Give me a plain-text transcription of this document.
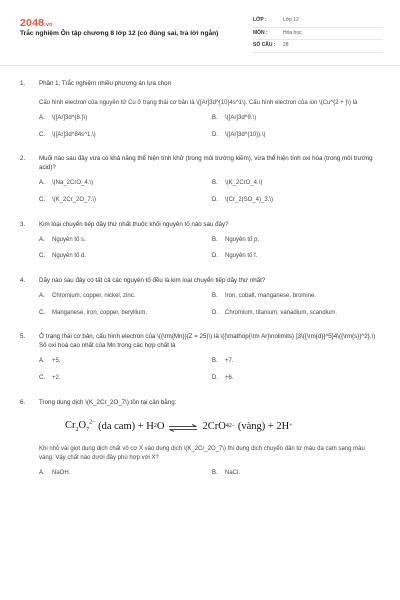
2048.vn
Trắc nghiệm Ôn tập chương 8 lớp 12 (có đúng sai, trả lời ngắn)
LỚP :	Lớp 12
MÔN :	Hóa học
SỐ CÂU :	28
1.	Phần 1. Trắc nghiệm nhiều phương án lựa chọn
Cấu hình electron của nguyên tử Cu ở trạng thái cơ bản là \([Ar]3d^{10}4s^1\). Cấu hình electron của ion \(Cu^{2 + }\) là
A.	\([Ar]3d^{8.}\)	B.	\([Ar]3d^9.\)
C.	\([Ar]3d^84s^1.\)	D.	\([Ar]3d^{10}).\)
2.	Muối nào sau đây vừa có khả năng thể hiện tính khử (trong môi trường kiềm), vừa thể hiện tính oxi hóa (trong môi trường acid)?
A.	\(Na_2CrO_4.\)	B.	\(K_2CrO_4.\)
C.	\(K_2Cr_2O_7.\)	D.	\(Cr_2(SO_4)_3.\)
3.	Kim loại chuyển tiếp dãy thứ nhất thuộc khối nguyên tố nào sau đây?
A.	Nguyên tố s.	B.	Nguyên tố p.
C.	Nguyên tố d.	D.	Nguyên tố f.
4.	Dãy nào sau đây có tất cả các nguyên tố đều là kim loại chuyển tiếp dãy thứ nhất?
A.	Chromium, copper, nickel, zinc.	B.	Iron, cobalt, manganese, bromine.
C.	Manganese, iron, copper, beryllium.	D.	Chromium, titanium, vanadium, scandium.
5.	Ở trạng thái cơ bản, cấu hình electron của \({\rm{Mn}}(Z = 25)\) là \({\mathop{\rm Ar}\nolimits} ]3\({\rm{d}}^5}4\({\rm{s}}^2}.\) Số oxi hoá cao nhất của Mn trong các hợp chất là
A.	+5.	B.	+7.
C.	+2.	D.	+6.
6.	Trong dung dịch \(K_2Cr_2O_7\) tồn tại cân bằng:
$Cr_2O_7^{2-}$
(da cam) + H 2 O ⇌ 2CrO 4 2−
(vàng) + 2H +
Khi nhỏ vài giọt dung dịch chất vô cơ X vào dung dịch \(K_2Cr_2O_7\) thì dung dịch chuyển dần từ màu da cam sang màu vàng. Vậy chất nào dưới đây phù hợp với X?
A.	NaOH.	B.	NaCl.
